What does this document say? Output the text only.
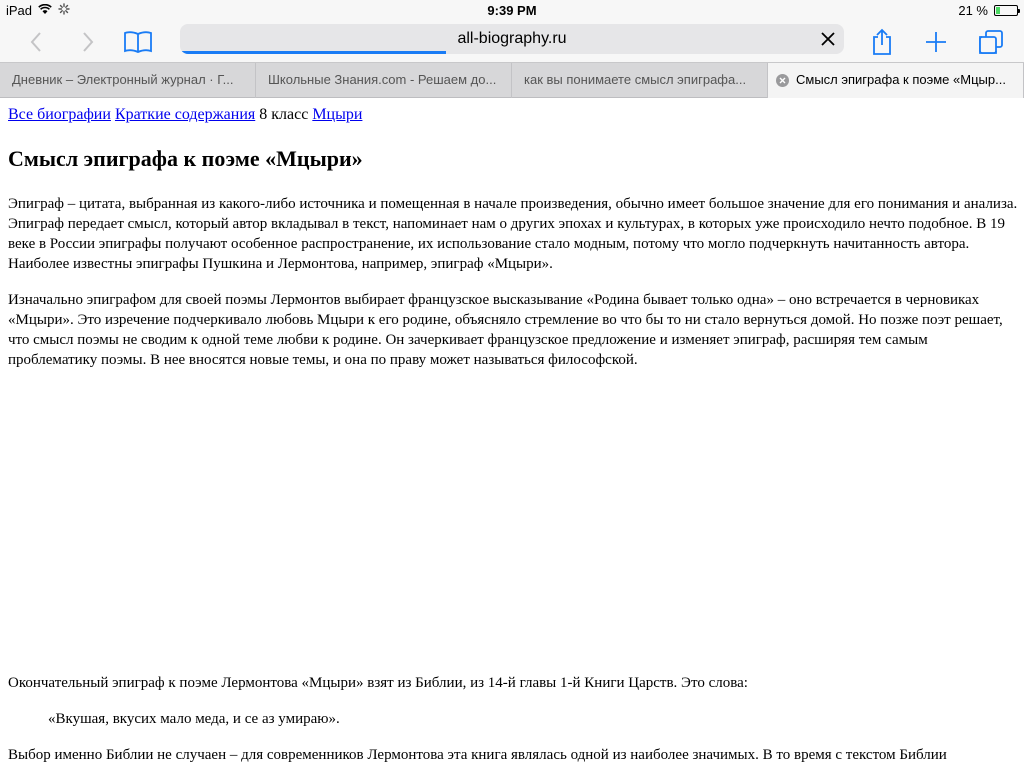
iPad	9:39 PM	21 %
all-biography.ru
Дневник – Электронный журнал · Г...	Школьные Знания.com - Решаем до... как вы понимаете смысл эпиграфа...	Смысл эпиграфа к поэме «Мцыр...
Все биографии Краткие содержания 8 класс Мцыри
Смысл эпиграфа к поэме «Мцыри»

Эпиграф – цитата, выбранная из какого-либо источника и помещенная в начале произведения, обычно имеет большое значение для его понимания и анализа. Эпиграф передает смысл, который автор вкладывал в текст, напоминает нам о других эпохах и культурах, в которых уже происходило нечто подобное. В 19 веке в России эпиграфы получают особенное распространение, их использование стало модным, потому что могло подчеркнуть начитанность автора. Наиболее известны эпиграфы Пушкина и Лермонтова, например, эпиграф «Мцыри».

Изначально эпиграфом для своей поэмы Лермонтов выбирает французское высказывание «Родина бывает только одна» – оно встречается в черновиках «Мцыри». Это изречение подчеркивало любовь Мцыри к его родине, объясняло стремление во что бы то ни стало вернуться домой. Но позже поэт решает, что смысл поэмы не сводим к одной теме любви к родине. Он зачеркивает французское предложение и изменяет эпиграф, расширяя тем самым проблематику поэмы. В нее вносятся новые темы, и она по праву может называться философской.

Окончательный эпиграф к поэме Лермонтова «Мцыри» взят из Библии, из 14-й главы 1-й Книги Царств. Это слова:

«Вкушая, вкусих мало меда, и се аз умираю».

Выбор именно Библии не случаен – для современников Лермонтова эта книга являлась одной из наиболее значимых. В то время с текстом Библии
